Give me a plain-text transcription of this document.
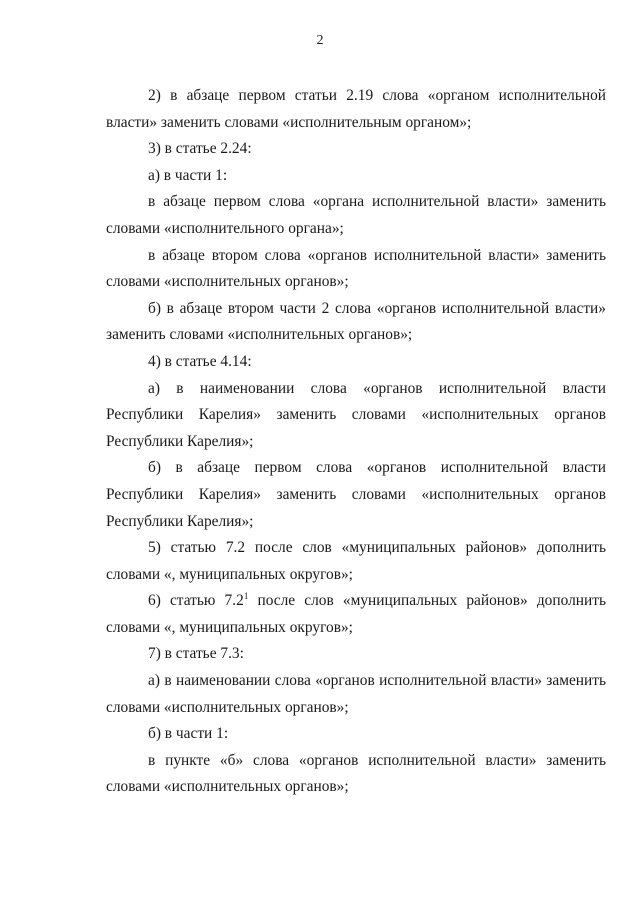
2

2) в абзаце первом статьи 2.19 слова «органом исполнительной власти» заменить словами «исполнительным органом»;

3) в статье 2.24:

а) в части 1:

в абзаце первом слова «органа исполнительной власти» заменить словами «исполнительного органа»;

в абзаце втором слова «органов исполнительной власти» заменить словами «исполнительных органов»;

б) в абзаце втором части 2 слова «органов исполнительной власти» заменить словами «исполнительных органов»;

4) в статье 4.14:

а) в наименовании слова «органов исполнительной власти Республики Карелия» заменить словами «исполнительных органов Республики Карелия»;

б) в абзаце первом слова «органов исполнительной власти Республики Карелия» заменить словами «исполнительных органов Республики Карелия»;

5) статью 7.2 после слов «муниципальных районов» дополнить словами «, муниципальных округов»;

6) статью $7.2^1$ после слов «муниципальных районов» дополнить словами «, муниципальных округов»;

7) в статье 7.3:

а) в наименовании слова «органов исполнительной власти» заменить словами «исполнительных органов»;

б) в части 1:

в пункте «б» слова «органов исполнительной власти» заменить словами «исполнительных органов»;
